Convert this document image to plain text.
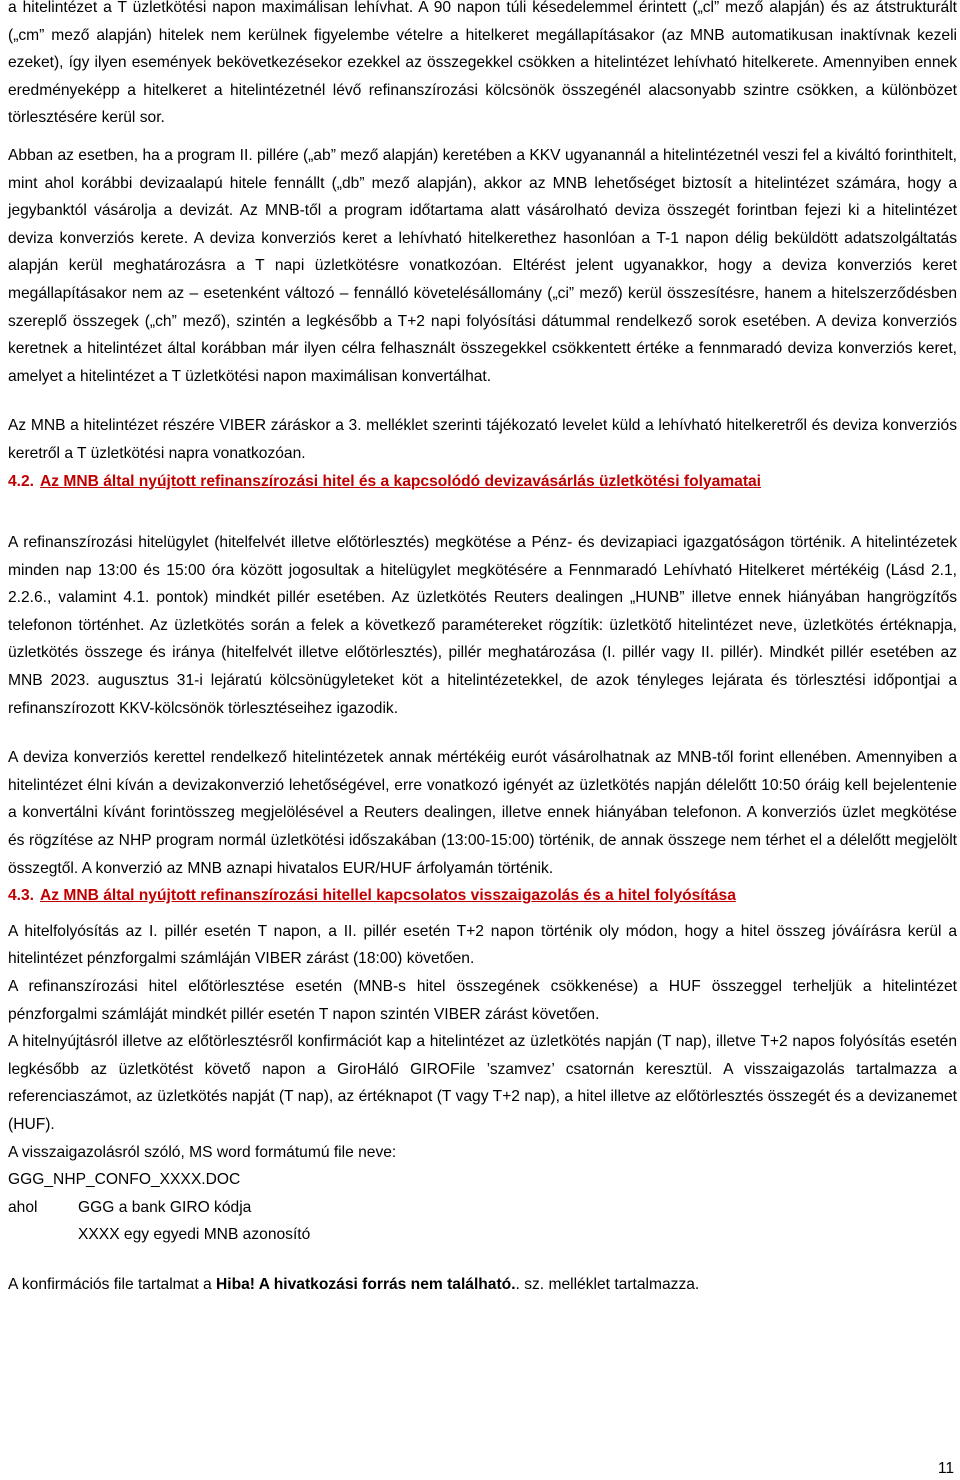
a hitelintézet a T üzletkötési napon maximálisan lehívhat. A 90 napon túli késedelemmel érintett („cl” mező alapján) és az átstrukturált („cm” mező alapján) hitelek nem kerülnek figyelembe vételre a hitelkeret megállapításakor (az MNB automatikusan inaktívnak kezeli ezeket), így ilyen események bekövetkezésekor ezekkel az összegekkel csökken a hitelintézet lehívható hitelkerete. Amennyiben ennek eredményeképp a hitelkeret a hitelintézetnél lévő refinanszírozási kölcsönök összegénél alacsonyabb szintre csökken, a különbözet törlesztésére kerül sor.

Abban az esetben, ha a program II. pillére („ab” mező alapján) keretében a KKV ugyanannál a hitelintézetnél veszi fel a kiváltó forinthitelt, mint ahol korábbi devizaalapú hitele fennállt („db” mező alapján), akkor az MNB lehetőséget biztosít a hitelintézet számára, hogy a jegybanktól vásárolja a devizát. Az MNB-től a program időtartama alatt vásárolható deviza összegét forintban fejezi ki a hitelintézet deviza konverziós kerete. A deviza konverziós keret a lehívható hitelkerethez hasonlóan a T-1 napon délig beküldött adatszolgáltatás alapján kerül meghatározásra a T napi üzletkötésre vonatkozóan. Eltérést jelent ugyanakkor, hogy a deviza konverziós keret megállapításakor nem az – esetenként változó – fennálló követelésállomány („ci” mező) kerül összesítésre, hanem a hitelszerződésben szereplő összegek („ch” mező), szintén a legkésőbb a T+2 napi folyósítási dátummal rendelkező sorok esetében. A deviza konverziós keretnek a hitelintézet által korábban már ilyen célra felhasznált összegekkel csökkentett értéke a fennmaradó deviza konverziós keret, amelyet a hitelintézet a T üzletkötési napon maximálisan konvertálhat.

Az MNB a hitelintézet részére VIBER záráskor a 3. melléklet szerinti tájékozató levelet küld a lehívható hitelkeretről és deviza konverziós keretről a T üzletkötési napra vonatkozóan.

4.2. Az MNB által nyújtott refinanszírozási hitel és a kapcsolódó devizavásárlás üzletkötési folyamatai

A refinanszírozási hitelügylet (hitelfelvét illetve előtörlesztés) megkötése a Pénz- és devizapiaci igazgatóságon történik. A hitelintézetek minden nap 13:00 és 15:00 óra között jogosultak a hitelügylet megkötésére a Fennmaradó Lehívható Hitelkeret mértékéig (Lásd 2.1, 2.2.6., valamint 4.1. pontok) mindkét pillér esetében. Az üzletkötés Reuters dealingen „HUNB” illetve ennek hiányában hangrögzítős telefonon történhet. Az üzletkötés során a felek a következő paramétereket rögzítik: üzletkötő hitelintézet neve, üzletkötés értéknapja, üzletkötés összege és iránya (hitelfelvét illetve előtörlesztés), pillér meghatározása (I. pillér vagy II. pillér). Mindkét pillér esetében az MNB 2023. augusztus 31-i lejáratú kölcsönügyleteket köt a hitelintézetekkel, de azok tényleges lejárata és törlesztési időpontjai a refinanszírozott KKV-kölcsönök törlesztéseihez igazodik.

A deviza konverziós kerettel rendelkező hitelintézetek annak mértékéig eurót vásárolhatnak az MNB-től forint ellenében. Amennyiben a hitelintézet élni kíván a devizakonverzió lehetőségével, erre vonatkozó igényét az üzletkötés napján délelőtt 10:50 óráig kell bejelentenie a konvertálni kívánt forintösszeg megjelölésével a Reuters dealingen, illetve ennek hiányában telefonon. A konverziós üzlet megkötése és rögzítése az NHP program normál üzletkötési időszakában (13:00-15:00) történik, de annak összege nem térhet el a délelőtt megjelölt összegtől. A konverzió az MNB aznapi hivatalos EUR/HUF árfolyamán történik.

4.3. Az MNB által nyújtott refinanszírozási hitellel kapcsolatos visszaigazolás és a hitel folyósítása

A hitelfolyósítás az I. pillér esetén T napon, a II. pillér esetén T+2 napon történik oly módon, hogy a hitel összeg jóváírásra kerül a hitelintézet pénzforgalmi számláján VIBER zárást (18:00) követően.

A refinanszírozási hitel előtörlesztése esetén (MNB-s hitel összegének csökkenése) a HUF összeggel terheljük a hitelintézet pénzforgalmi számláját mindkét pillér esetén T napon szintén VIBER zárást követően.

A hitelnyújtásról illetve az előtörlesztésről konfirmációt kap a hitelintézet az üzletkötés napján (T nap), illetve T+2 napos folyósítás esetén legkésőbb az üzletkötést követő napon a GiroHáló GIROFile ’szamvez’ csatornán keresztül. A visszaigazolás tartalmazza a referenciaszámot, az üzletkötés napját (T nap), az értéknapot (T vagy T+2 nap), a hitel illetve az előtörlesztés összegét és a devizanemet (HUF).

A visszaigazolásról szóló, MS word formátumú file neve:

GGG_NHP_CONFO_XXXX.DOC

ahol	GGG a bank GIRO kódja

XXXX egy egyedi MNB azonosító

A konfirmációs file tartalmat a Hiba! A hivatkozási forrás nem található.. sz. melléklet tartalmazza.

11
